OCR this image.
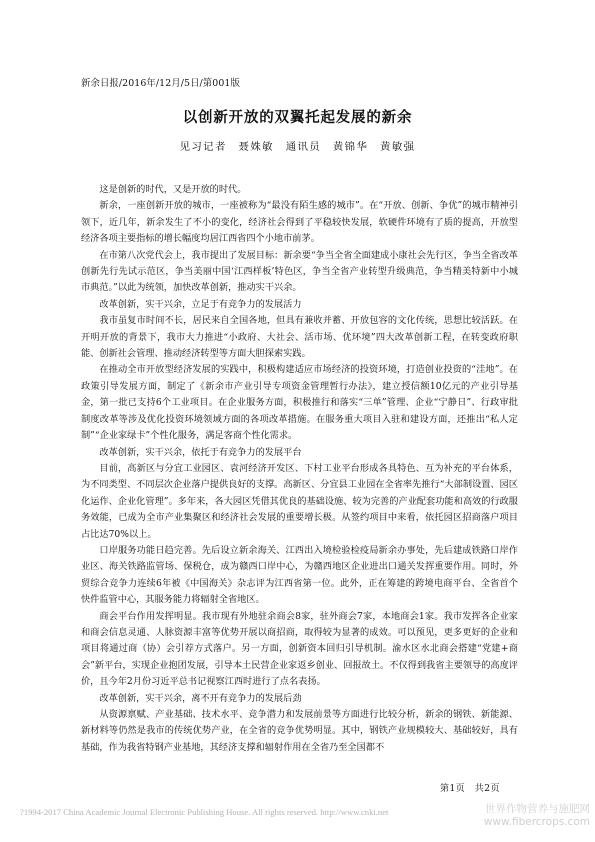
新余日报/2016年/12月/5日/第001版
以创新开放的双翼托起发展的新余
见习记者　聂姝敏　通讯员　黄锦华　黄敏强

这是创新的时代，又是开放的时代。

新余，一座创新开放的城市，一座被称为“最没有陌生感的城市”。在“开放、创新、争优”的城市精神引领下，近几年，新余发生了不小的变化，经济社会得到了平稳较快发展，软硬件环境有了质的提高，开放型经济各项主要指标的增长幅度均居江西省四个小地市前茅。

在市第八次党代会上，我市提出了发展目标：新余要“争当全省全面建成小康社会先行区，争当全省改革创新先行先试示范区，争当美丽中国‘江西样板’特色区，争当全省产业转型升级典范，争当精美特新中小城市典范。”以此为统领，加快改革创新，推动实干兴余。

改革创新，实干兴余，立足于有竞争力的发展活力

我市虽复市时间不长，居民来自全国各地，但具有兼收并蓄、开放包容的文化传统，思想比较活跃。在开明开放的背景下，我市大力推进“小政府、大社会、活市场、优环境”四大改革创新工程，在转变政府职能、创新社会管理、推动经济转型等方面大胆探索实践。

在推动全市开放型经济发展的实践中，积极构建适应市场经济的投资环境，打造创业投资的“洼地”。在政策引导发展方面，制定了《新余市产业引导专项资金管理暂行办法》，建立授信额10亿元的产业引导基金，第一批已支持6个工业项目。在企业服务方面，积极推行和落实“三单”管理、企业“宁静日”、行政审批制度改革等涉及优化投资环境领域方面的各项改革措施。在服务重大项目入驻和建设方面，还推出“私人定制”“企业家绿卡”个性化服务，满足客商个性化需求。

改革创新，实干兴余，依托于有竞争力的发展平台

目前，高新区与分宜工业园区、袁河经济开发区、下村工业平台形成各具特色、互为补充的平台体系，为不同类型、不同层次企业落户提供良好的支撑。高新区、分宜县工业园在全省率先推行“大部制设置、园区化运作、企业化管理”。多年来，各大园区凭借其优良的基础设施、较为完善的产业配套功能和高效的行政服务效能，已成为全市产业集聚区和经济社会发展的重要增长极。从签约项目中来看，依托园区招商落户项目占比达70%以上。

口岸服务功能日趋完善。先后设立新余海关、江西出入境检验检疫局新余办事处，先后建成铁路口岸作业区、海关铁路监管场、保税仓，成为赣西口岸中心，为赣西地区企业进出口通关发挥重要作用。同时，外贸综合竞争力连续6年被《中国海关》杂志评为江西省第一位。此外，正在筹建的跨境电商平台、全省首个快件监管中心，其服务能力将辐射全省地区。

商会平台作用发挥明显。我市现有外地驻余商会8家，驻外商会7家，本地商会1家。我市发挥各企业家和商会信息灵通、人脉资源丰富等优势开展以商招商，取得较为显著的成效。可以预见，更多更好的企业和项目将通过商（协）会引荐方式落户。另一方面，创新资本回归引导机制。渝水区水北商会搭建“党建+商会”新平台，实现企业抱团发展，引导本土民营企业家返乡创业、回报故土。不仅得到我省主要领导的高度评价，且今年2月份习近平总书记视察江西时进行了点名表扬。

改革创新，实干兴余，离不开有竞争力的发展后劲

从资源禀赋、产业基础、技术水平、竞争潜力和发展前景等方面进行比较分析，新余的钢铁、新能源、新材料等仍然是我市的传统优势产业，在全省的竞争优势明显。其中，钢铁产业规模较大、基础较好，具有基础，作为我省特钢产业基地，其经济支撑和辐射作用在全省乃至全国都不

第1页　共2页
?1994-2017 China Academic Journal Electronic Publishing House. All rights reserved. http://www.cnki.net	世界作物营养与施肥网
www.fibercrops.com
